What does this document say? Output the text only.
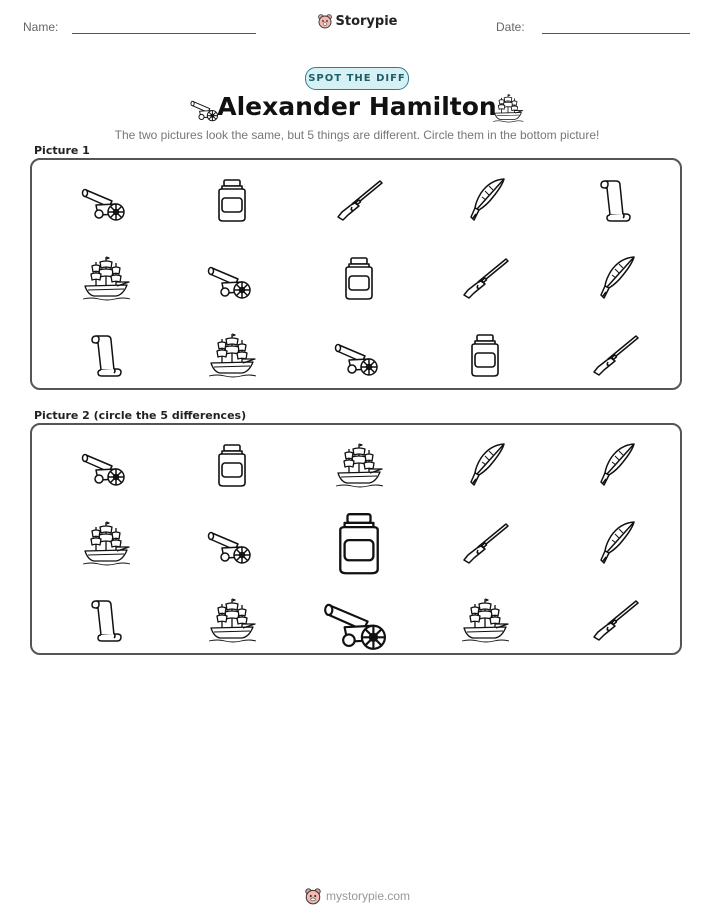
Name:	Storypie	Date:
SPOT THE DIFF
Alexander Hamilton
The two pictures look the same, but 5 things are different. Circle them in the bottom picture!
Picture 1
Picture 2 (circle the 5 differences)
mystorypie.com
